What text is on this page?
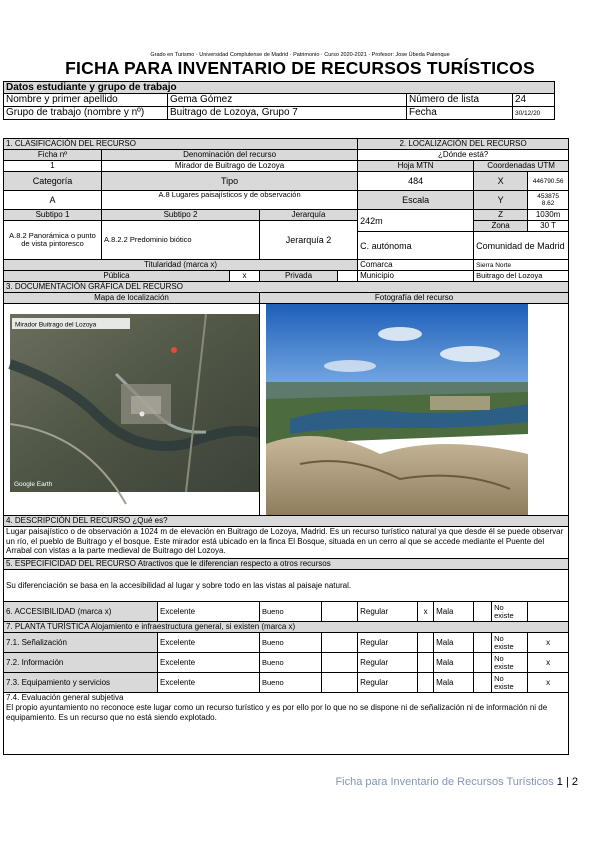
Grado en Turismo · Universidad Complutense de Madrid · Patrimonio · Curso 2020-2021 · Profesor: Jose Úbeda Palenque
FICHA PARA INVENTARIO DE RECURSOS TURÍSTICOS
Datos estudiante y grupo de trabajo			
Nombre y primer apellido	Gema Gómez	Número de lista	24
Grupo de trabajo (nombre y nº)	Buitrago de Lozoya, Grupo 7	Fecha	30/12/20
1. CLASIFICACIÓN DEL RECURSO							2. LOCALIZACIÓN DEL RECURSO					
Ficha nº	Denominación del recurso						¿Dónde está?					
1	Mirador de Buitrago de Lozoya						Hoja MTN			Coordenadas UTM		
Categoría	Tipo						484			X		446790.56
A	A.8 Lugares paisajísticos y de observación						Escala			Y		453875 8.62
Subtipo 1	Subtipo 2			Jerarquía			242m			Z		1030m
A.8.2 Panorámica o punto de vista pintoresco	A.8.2.2 Predominio biótico			Jerarquía 2						Zona		30 T
							C. autónoma			Comunidad de Madrid		

Titularidad (marca x)							Comarca			Sierra Norte		
Pública			x	Privada			Municipio			Buitrago del Lozoya		
3. DOCUMENTACIÓN GRÁFICA DEL RECURSO												
Mapa de localización				Fotografía del recurso								

Mirador Buitrago del Lozoya
Google Earth

4. DESCRIPCIÓN DEL RECURSO ¿Qué es?												
Lugar paisajístico o de observación a 1024 m de elevación en Buitrago de Lozoya, Madrid. Es un recurso turístico natural ya que desde él se puede observar un río, el pueblo de Buitrago y el bosque. Este mirador está ubicado en la finca El Bosque, situada en un cerro al que se accede mediante el Puente del Arrabal con vistas a la parte medieval de Buitrago del Lozoya.												
5. ESPECIFICIDAD DEL RECURSO Atractivos que le diferencian respecto a otros recursos												
Su diferenciación se basa en la accesibilidad al lugar y sobre todo en las vistas al paisaje natural.												
6. ACCESIBILIDAD (marca x)		Excelente		Bueno			Regular	x	Mala		No existe	
7. PLANTA TURÍSTICA Alojamiento e infraestructura general, si existen (marca x)												
7.1. Señalización		Excelente		Bueno			Regular		Mala		No existe	x
7.2. Información		Excelente		Bueno			Regular		Mala		No existe	x
7.3. Equipamiento y servicios		Excelente		Bueno			Regular		Mala		No existe	x

7.4. Evaluación general subjetiva
El propio ayuntamiento no reconoce este lugar como un recurso turístico y es por ello por lo que no se dispone ni de señalización ni de información ni de equipamiento. Es un recurso que no está siendo explotado.												
Ficha para Inventario de Recursos Turísticos 1 | 2
